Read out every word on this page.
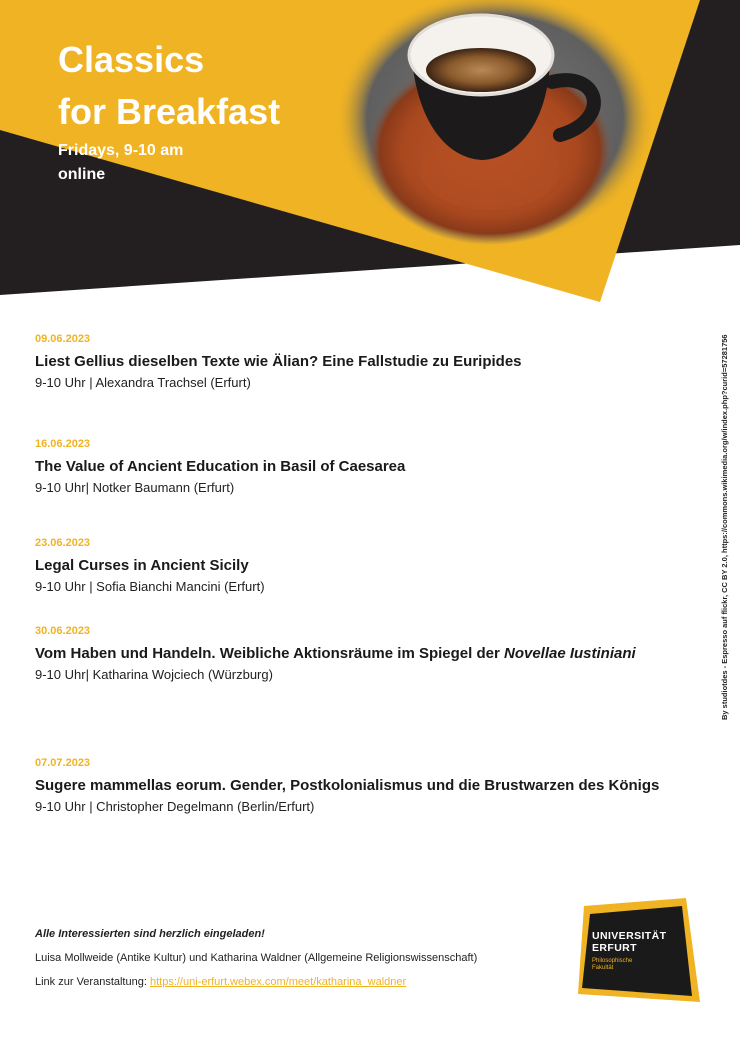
Classics
for Breakfast
Fridays, 9-10 am
online
09.06.2023
Liest Gellius dieselben Texte wie Älian? Eine Fallstudie zu Euripides
9-10 Uhr | Alexandra Trachsel (Erfurt)
16.06.2023
The Value of Ancient Education in Basil of Caesarea
9-10 Uhr| Notker Baumann (Erfurt)
23.06.2023
Legal Curses in Ancient Sicily
9-10 Uhr | Sofia Bianchi Mancini (Erfurt)
30.06.2023
Vom Haben und Handeln. Weibliche Aktionsräume im Spiegel der Novellae Iustiniani
9-10 Uhr| Katharina Wojciech (Würzburg)
07.07.2023
Sugere mammellas eorum. Gender, Postkolonialismus und die Brustwarzen des Königs
9-10 Uhr | Christopher Degelmann (Berlin/Erfurt)
By studiotdes - Espresso auf flickr, CC BY 2.0, https://commons.wikimedia.org/w/index.php?curid=57281756
Alle Interessierten sind herzlich eingeladen!
Luisa Mollweide (Antike Kultur) und Katharina Waldner (Allgemeine Religionswissenschaft)
Link zur Veranstaltung: https://uni-erfurt.webex.com/meet/katharina_waldner
UNIVERSITÄT
ERFURT
Philosophische
Fakultät
